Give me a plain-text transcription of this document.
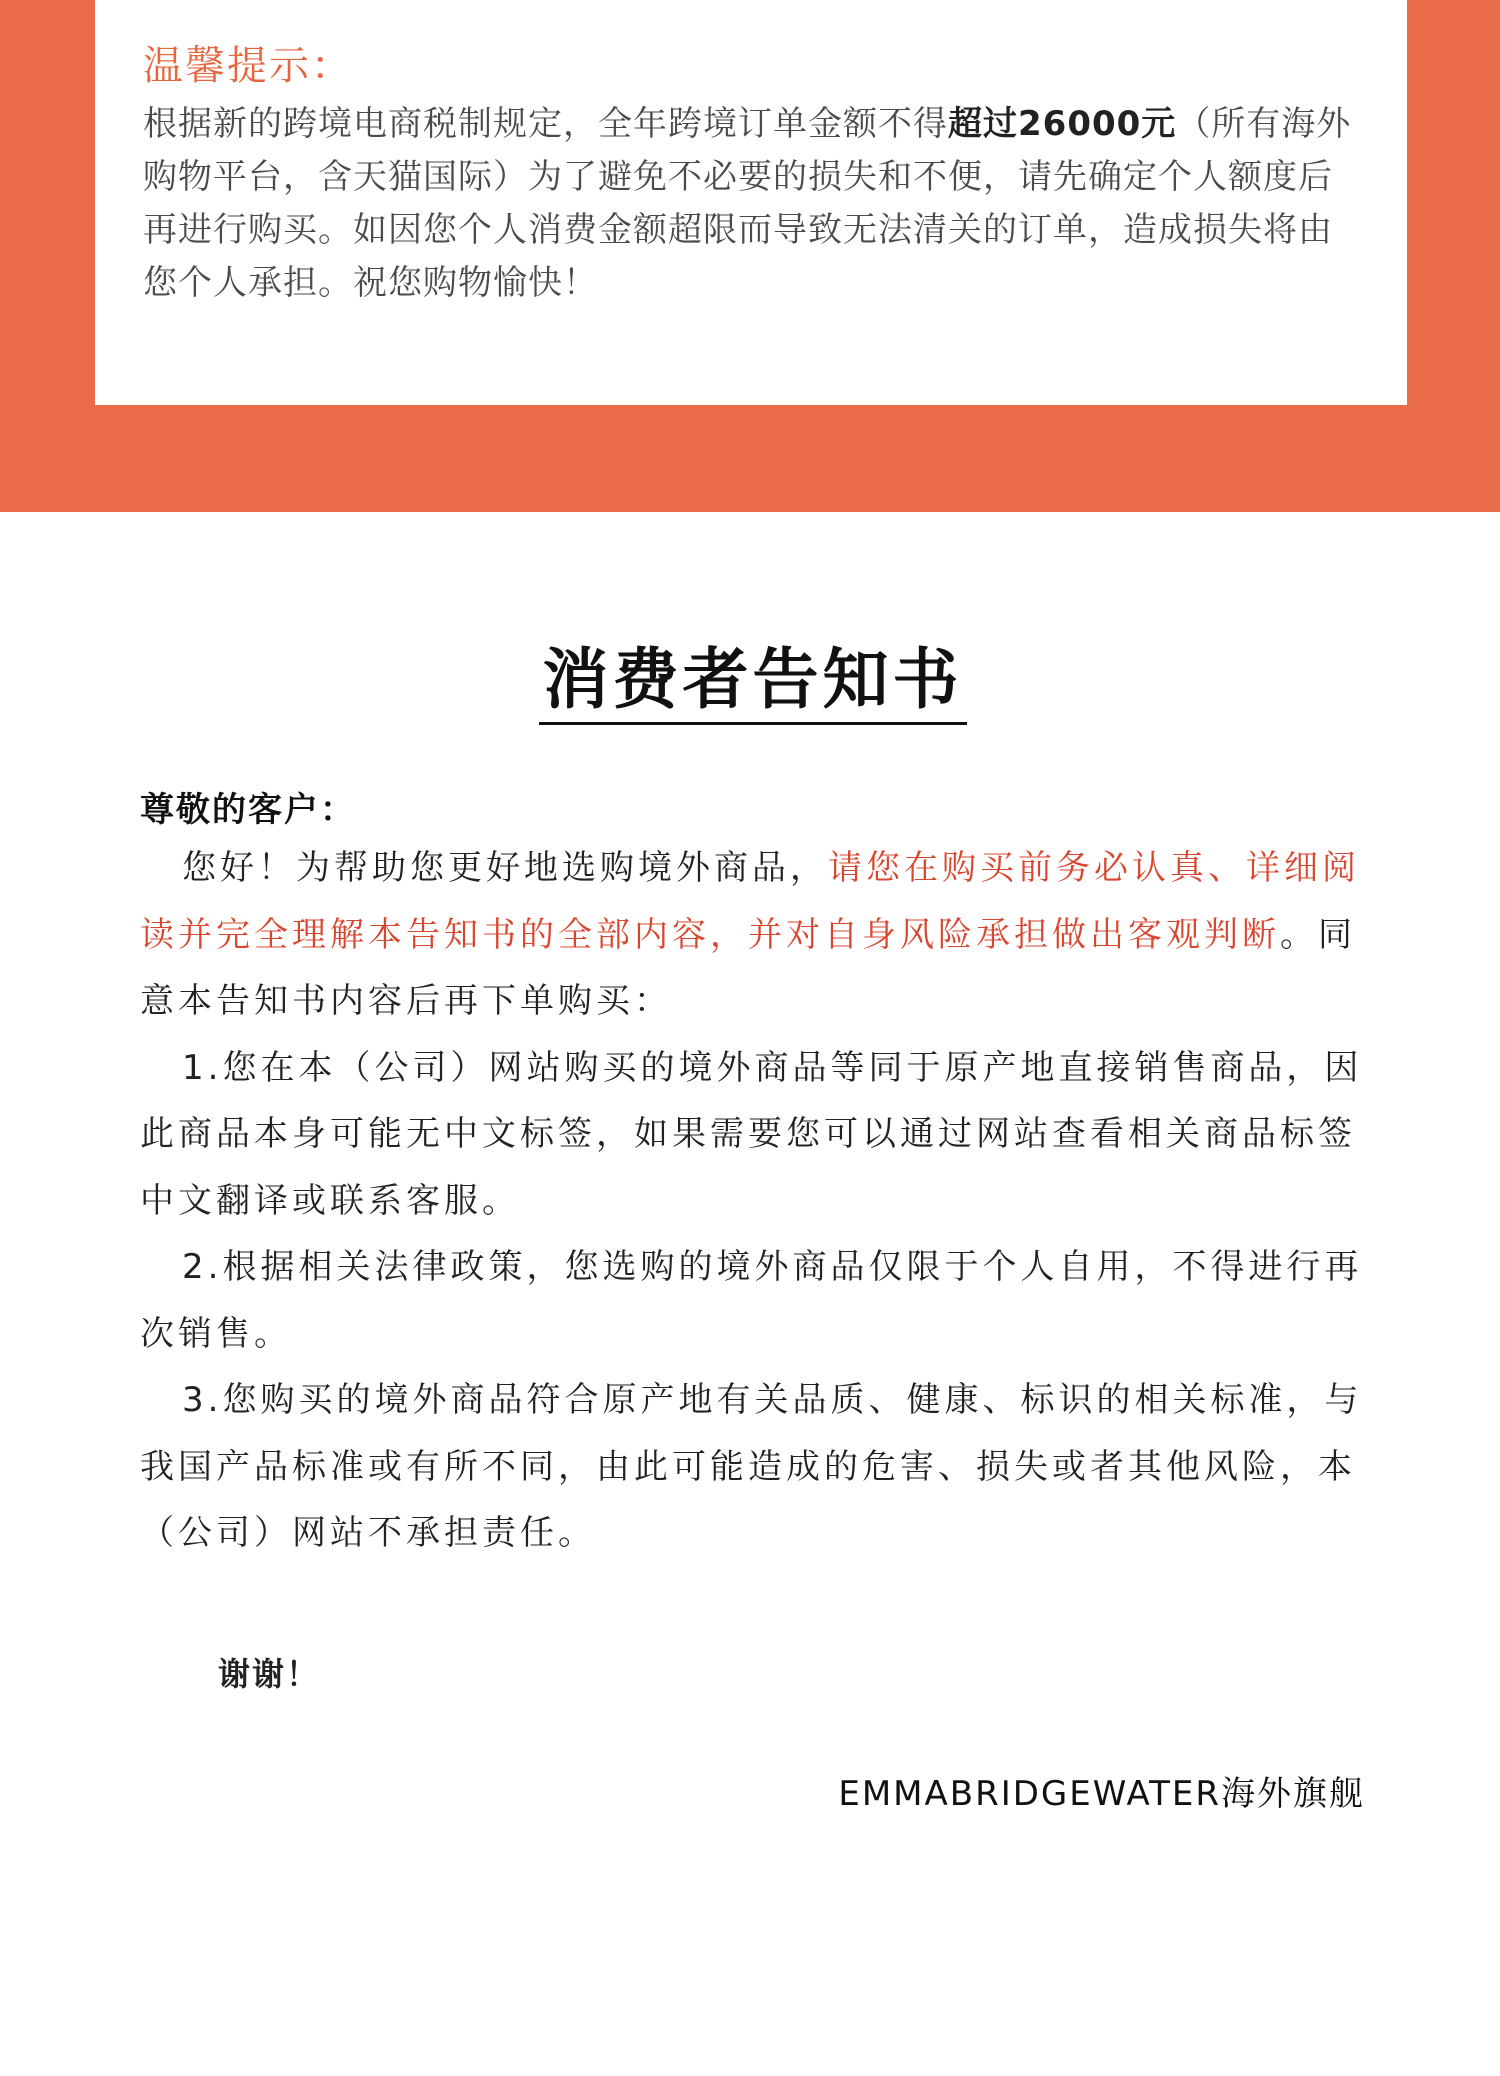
温馨提示：

根据新的跨境电商税制规定，全年跨境订单金额不得超过26000元（所有海外购物平台，含天猫国际）为了避免不必要的损失和不便，请先确定个人额度后再进行购买。如因您个人消费金额超限而导致无法清关的订单，造成损失将由您个人承担。祝您购物愉快！

消费者告知书

尊敬的客户：

您好！为帮助您更好地选购境外商品，请您在购买前务必认真、详细阅读并完全理解本告知书的全部内容，并对自身风险承担做出客观判断。同意本告知书内容后再下单购买：

1.您在本（公司）网站购买的境外商品等同于原产地直接销售商品，因此商品本身可能无中文标签，如果需要您可以通过网站查看相关商品标签中文翻译或联系客服。

2.根据相关法律政策，您选购的境外商品仅限于个人自用，不得进行再次销售。

3.您购买的境外商品符合原产地有关品质、健康、标识的相关标准，与我国产品标准或有所不同，由此可能造成的危害、损失或者其他风险，本（公司）网站不承担责任。

谢谢！

EMMABRIDGEWATER海外旗舰
